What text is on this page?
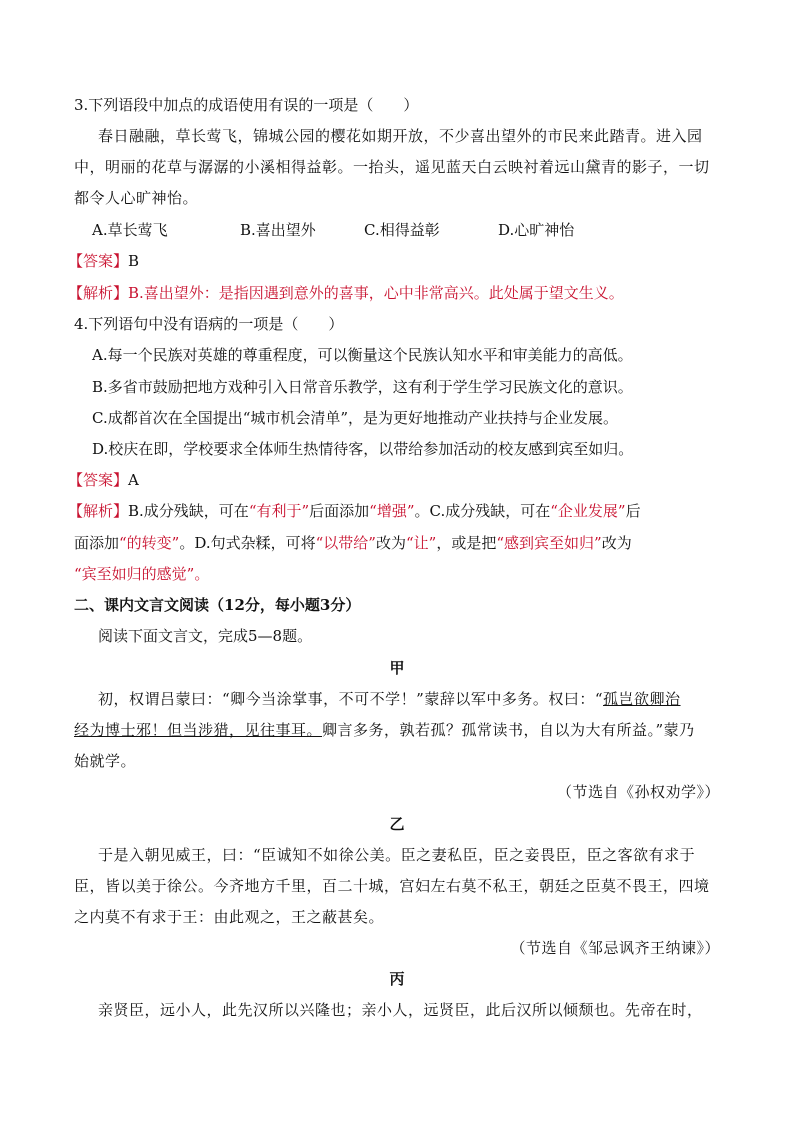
3.下列语段中加点的成语使用有误的一项是（　　）
春日融融，草长莺飞，锦城公园的樱花如期开放，不少喜出望外的市民来此踏青。进入园
中，明丽的花草与潺潺的小溪相得益彰。一抬头，遥见蓝天白云映衬着远山黛青的影子，一切
都令人心旷神怡。
A.草长莺飞	B.喜出望外	C.相得益彰	D.心旷神怡
【答案】B
【解析】B.喜出望外：是指因遇到意外的喜事，心中非常高兴。此处属于望文生义。
4.下列语句中没有语病的一项是（　　）
A.每一个民族对英雄的尊重程度，可以衡量这个民族认知水平和审美能力的高低。
B.多省市鼓励把地方戏种引入日常音乐教学，这有利于学生学习民族文化的意识。
C.成都首次在全国提出“城市机会清单”，是为更好地推动产业扶持与企业发展。
D.校庆在即，学校要求全体师生热情待客，以带给参加活动的校友感到宾至如归。
【答案】A
【解析】B.成分残缺，可在“有利于”后面添加“增强”。C.成分残缺，可在“企业发展”后
面添加“的转变”。D.句式杂糅，可将“以带给”改为“让”，或是把“感到宾至如归”改为
“宾至如归的感觉”。
二、课内文言文阅读（12分，每小题3分）
阅读下面文言文，完成5—8题。
甲
初，权谓吕蒙曰：“卿今当涂掌事，不可不学！”蒙辞以军中多务。权曰：“孤岂欲卿治
经为博士邪！但当涉猎，见往事耳。卿言多务，孰若孤？孤常读书，自以为大有所益。”蒙乃
始就学。
（节选自《孙权劝学》）
乙
于是入朝见威王，曰：“臣诚知不如徐公美。臣之妻私臣，臣之妾畏臣，臣之客欲有求于
臣，皆以美于徐公。今齐地方千里，百二十城，宫妇左右莫不私王，朝廷之臣莫不畏王，四境
之内莫不有求于王：由此观之，王之蔽甚矣。
（节选自《邹忌讽齐王纳谏》）
丙
亲贤臣，远小人，此先汉所以兴隆也；亲小人，远贤臣，此后汉所以倾颓也。先帝在时，
